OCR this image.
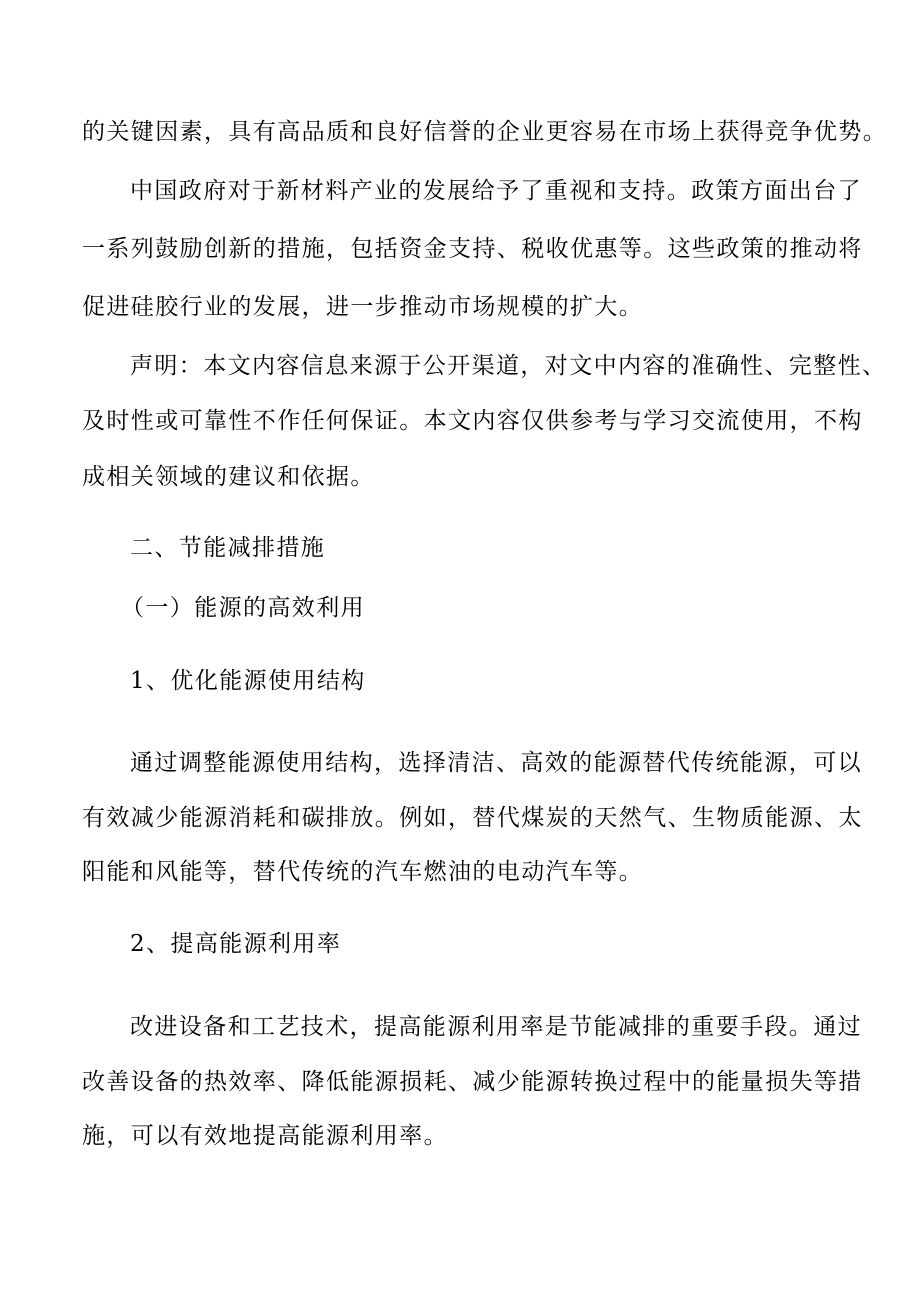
的关键因素，具有高品质和良好信誉的企业更容易在市场上获得竞争优势。
中国政府对于新材料产业的发展给予了重视和支持。政策方面出台了
一系列鼓励创新的措施，包括资金支持、税收优惠等。这些政策的推动将
促进硅胶行业的发展，进一步推动市场规模的扩大。
声明：本文内容信息来源于公开渠道，对文中内容的准确性、完整性、
及时性或可靠性不作任何保证。本文内容仅供参考与学习交流使用，不构
成相关领域的建议和依据。
二、节能减排措施
（一）能源的高效利用
1、优化能源使用结构
通过调整能源使用结构，选择清洁、高效的能源替代传统能源，可以
有效减少能源消耗和碳排放。例如，替代煤炭的天然气、生物质能源、太
阳能和风能等，替代传统的汽车燃油的电动汽车等。
2、提高能源利用率
改进设备和工艺技术，提高能源利用率是节能减排的重要手段。通过
改善设备的热效率、降低能源损耗、减少能源转换过程中的能量损失等措
施，可以有效地提高能源利用率。
